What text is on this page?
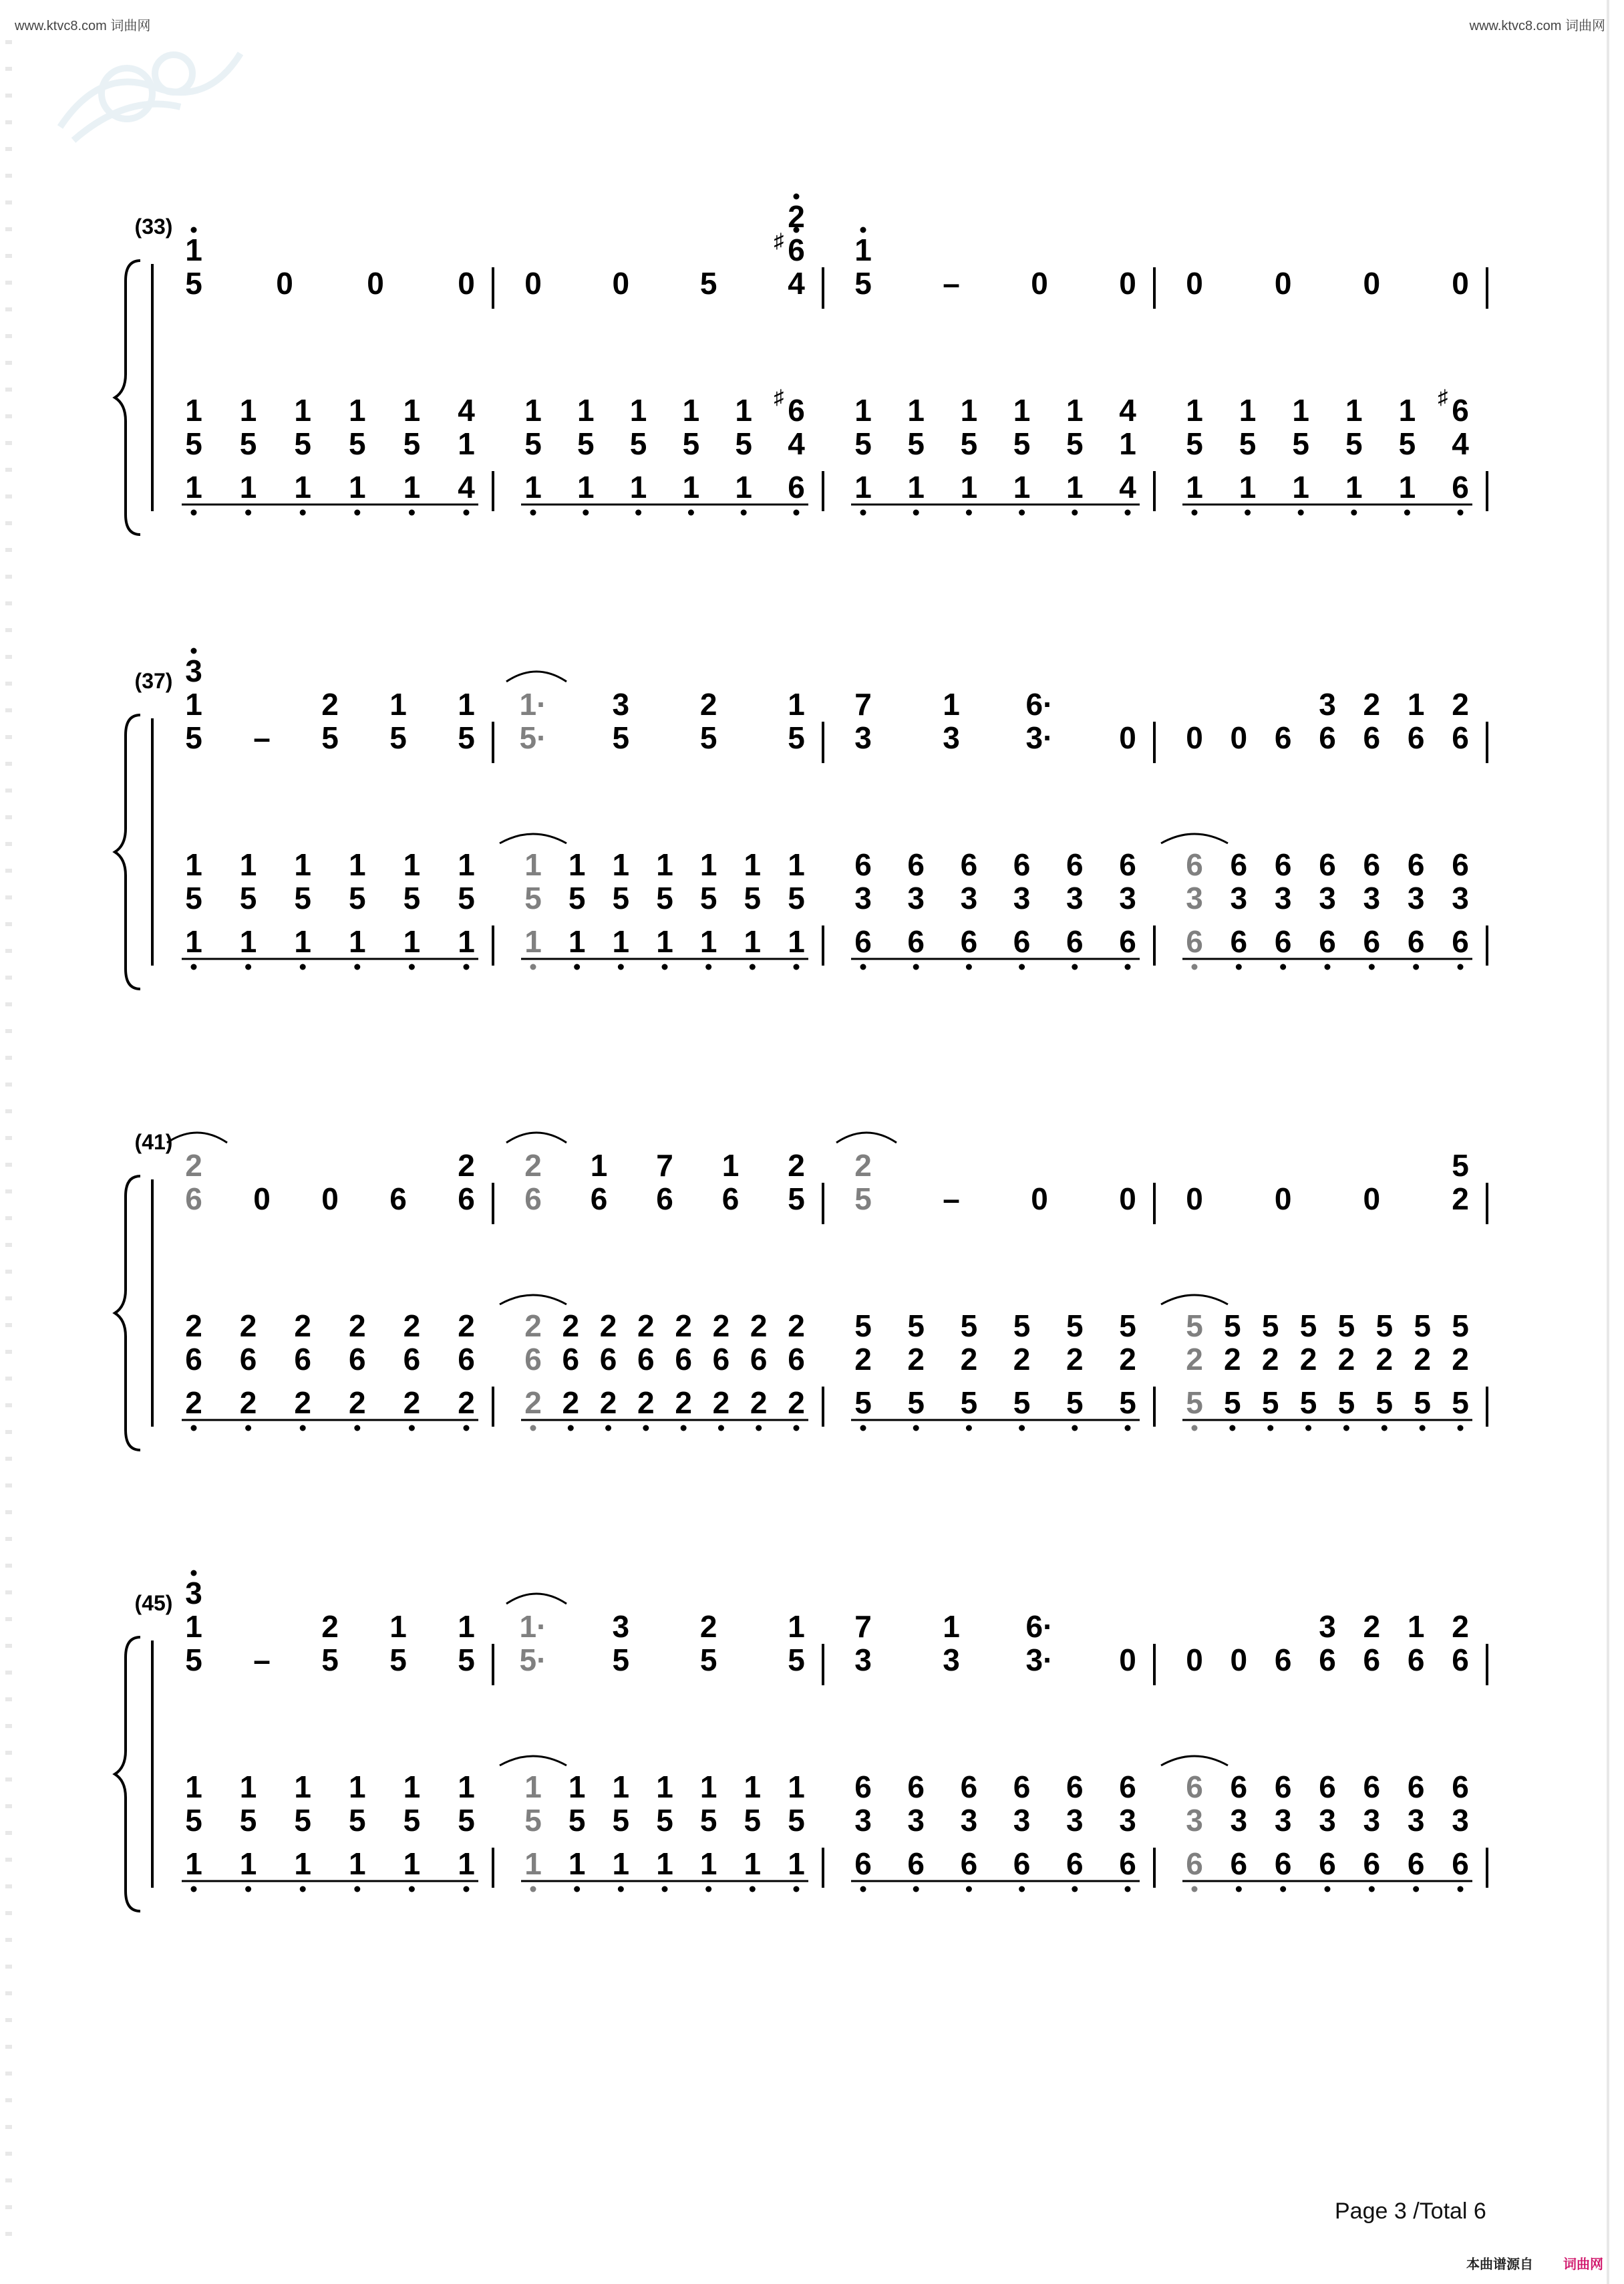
www.ktvc8.com 词曲网	www.ktvc8.com 词曲网
(33)
5
1
0 0 0 0 0 5 4
6
2
♯
5
1
– 0 0 0 0 0 0
1
5
1
1
5
1
1
5
1
1
5
1
1
5
1
4
1
4
1
5
1
1
5
1
1
5
1
1
5
1
1
5
1
6
4
6
♯ 1
5
1
1
5
1
1
5
1
1
5
1
1
5
1
4
1
4
1
5
1
1
5
1
1
5
1
1
5
1
1
5
1
6
4
6
♯
(37)
5
1
3
– 5
2
5
1
5
1
5·
1·
5
3
5
2
5
1
3
7
3
1
3·
6·
0 0 0 6 6
3
6
2
6
1
6
2
1
5
1
1
5
1
1
5
1
1
5
1
1
5
1
1
5
1
1
5
1
1
5
1
1
5
1
1
5
1
1
5
1
1
5
1
1
5
1
6
3
6
6
3
6
6
3
6
6
3
6
6
3
6
6
3
6
6
3
6
6
3
6
6
3
6
6
3
6
6
3
6
6
3
6
6
3
6
(41)
6
2
0 0 6 6
2
6
2
6
1
6
7
6
1
5
2
5
2
– 0 0 0 0 0 2
5
2
6
2
2
6
2
2
6
2
2
6
2
2
6
2
2
6
2
2
6
2
2
6
2
2
6
2
2
6
2
2
6
2
2
6
2
2
6
2
2
6
2
5
2
5
5
2
5
5
2
5
5
2
5
5
2
5
5
2
5
5
2
5
5
2
5
5
2
5
5
2
5
5
2
5
5
2
5
5
2
5
5
2
5
(45)
5
1
3
– 5
2
5
1
5
1
5·
1·
5
3
5
2
5
1
3
7
3
1
3·
6·
0 0 0 6 6
3
6
2
6
1
6
2
1
5
1
1
5
1
1
5
1
1
5
1
1
5
1
1
5
1
1
5
1
1
5
1
1
5
1
1
5
1
1
5
1
1
5
1
1
5
1
6
3
6
6
3
6
6
3
6
6
3
6
6
3
6
6
3
6
6
3
6
6
3
6
6
3
6
6
3
6
6
3
6
6
3
6
6
3
6
Page 3 /Total 6
本曲谱源自 词曲网
